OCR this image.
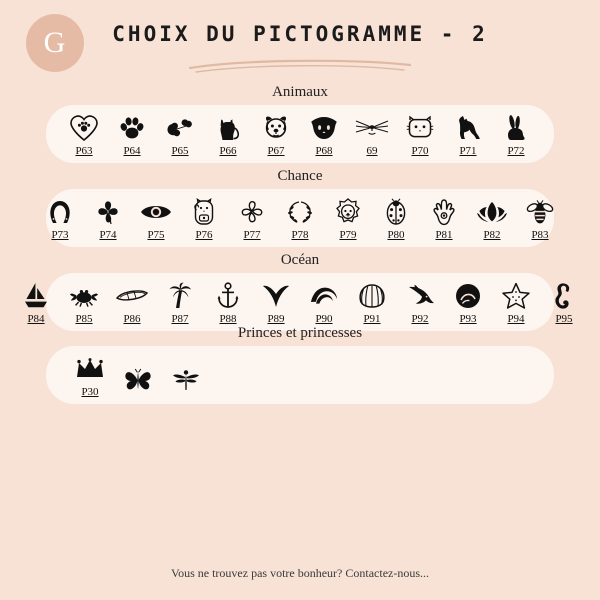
G	CHOIX DU PICTOGRAMME - 2
Animaux
P63	P64	P65	P66	P67	P68	69	P70	P71	P72
Chance
P73	P74	P75	P76	P77	P78	P79	P80	P81	P82	P83
Océan
P84	P85	P86	P87	P88	P89	P90	P91	P92	P93	P94	P95
Princes et princesses
P30
Vous ne trouvez pas votre bonheur? Contactez-nous...
